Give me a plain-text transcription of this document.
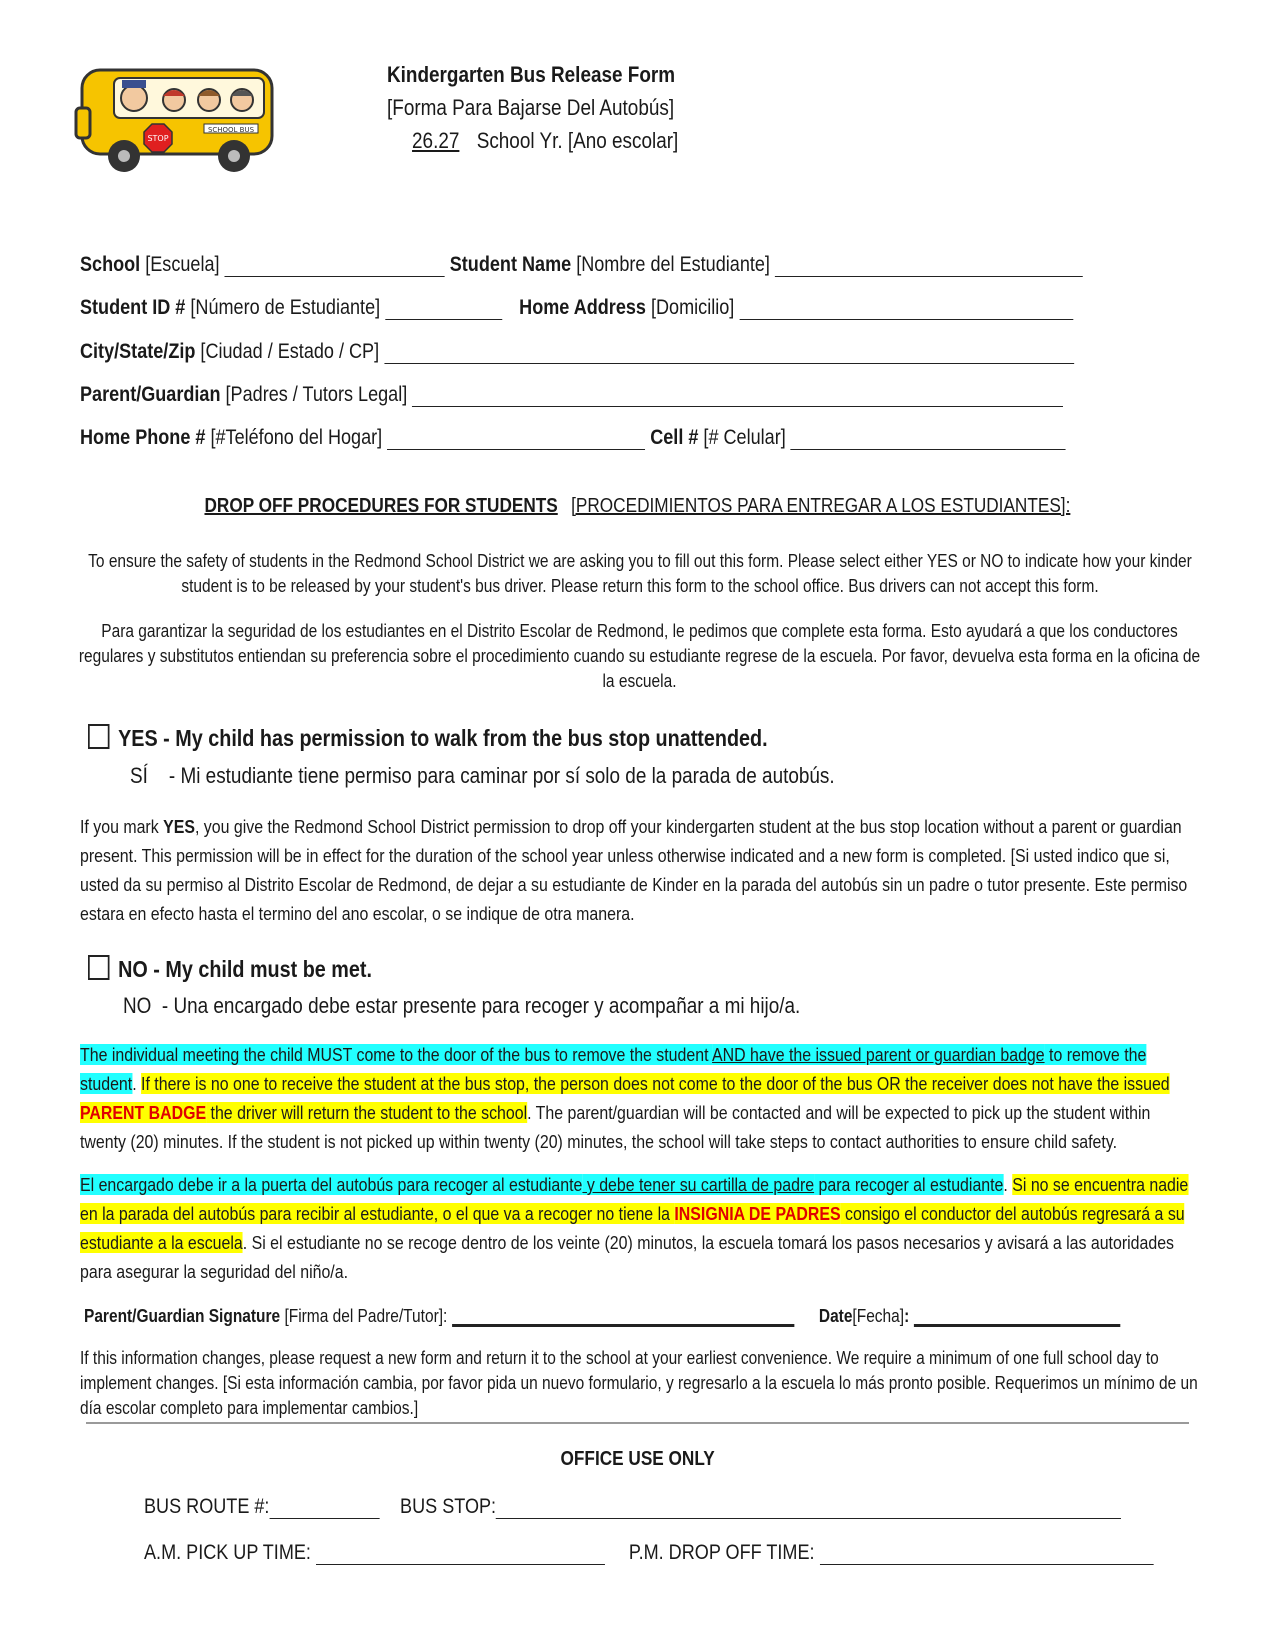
SCHOOL BUS
STOP
Kindergarten Bus Release Form
[Forma Para Bajarse Del Autobús]
26.27 School Yr. [Ano escolar]
School [Escuela]	Student Name [Nombre del Estudiante]
Student ID # [Número de Estudiante]	Home Address [Domicilio]
City/State/Zip [Ciudad / Estado / CP]
Parent/Guardian [Padres / Tutors Legal]
Home Phone # [#Teléfono del Hogar]	Cell # [# Celular]
DROP OFF PROCEDURES FOR STUDENTS [PROCEDIMIENTOS PARA ENTREGAR A LOS ESTUDIANTES]:
To ensure the safety of students in the Redmond School District we are asking you to fill out this form. Please select either YES or NO to indicate how your kinder student is to be released by your student's bus driver. Please return this form to the school office. Bus drivers can not accept this form.
Para garantizar la seguridad de los estudiantes en el Distrito Escolar de Redmond, le pedimos que complete esta forma. Esto ayudará a que los conductores regulares y substitutos entiendan su preferencia sobre el procedimiento cuando su estudiante regrese de la escuela. Por favor, devuelva esta forma en la oficina de la escuela.
YES - My child has permission to walk from the bus stop unattended.
SÍ    - Mi estudiante tiene permiso para caminar por sí solo de la parada de autobús.
If you mark YES, you give the Redmond School District permission to drop off your kindergarten student at the bus stop location without a parent or guardian present. This permission will be in effect for the duration of the school year unless otherwise indicated and a new form is completed. [Si usted indico que si, usted da su permiso al Distrito Escolar de Redmond, de dejar a su estudiante de Kinder en la parada del autobús sin un padre o tutor presente. Este permiso estara en efecto hasta el termino del ano escolar, o se indique de otra manera.
NO - My child must be met.
NO  - Una encargado debe estar presente para recoger y acompañar a mi hijo/a.
The individual meeting the child MUST come to the door of the bus to remove the student AND have the issued parent or guardian badge to remove the student. If there is no one to receive the student at the bus stop, the person does not come to the door of the bus OR the receiver does not have the issued PARENT BADGE the driver will return the student to the school. The parent/guardian will be contacted and will be expected to pick up the student within twenty (20) minutes. If the student is not picked up within twenty (20) minutes, the school will take steps to contact authorities to ensure child safety.
El encargado debe ir a la puerta del autobús para recoger al estudiante y debe tener su cartilla de padre para recoger al estudiante. Si no se encuentra nadie en la parada del autobús para recibir al estudiante, o el que va a recoger no tiene la INSIGNIA DE PADRES consigo el conductor del autobús regresará a su estudiante a la escuela. Si el estudiante no se recoge dentro de los veinte (20) minutos, la escuela tomará los pasos necesarios y avisará a las autoridades para asegurar la seguridad del niño/a.
Parent/Guardian Signature [Firma del Padre/Tutor]:	Date[Fecha]:
If this information changes, please request a new form and return it to the school at your earliest convenience. We require a minimum of one full school day to implement changes. [Si esta información cambia, por favor pida un nuevo formulario, y regresarlo a la escuela lo más pronto posible. Requerimos un mínimo de un día escolar completo para implementar cambios.]
OFFICE USE ONLY
BUS ROUTE #:	BUS STOP:
A.M. PICK UP TIME:	P.M. DROP OFF TIME:
